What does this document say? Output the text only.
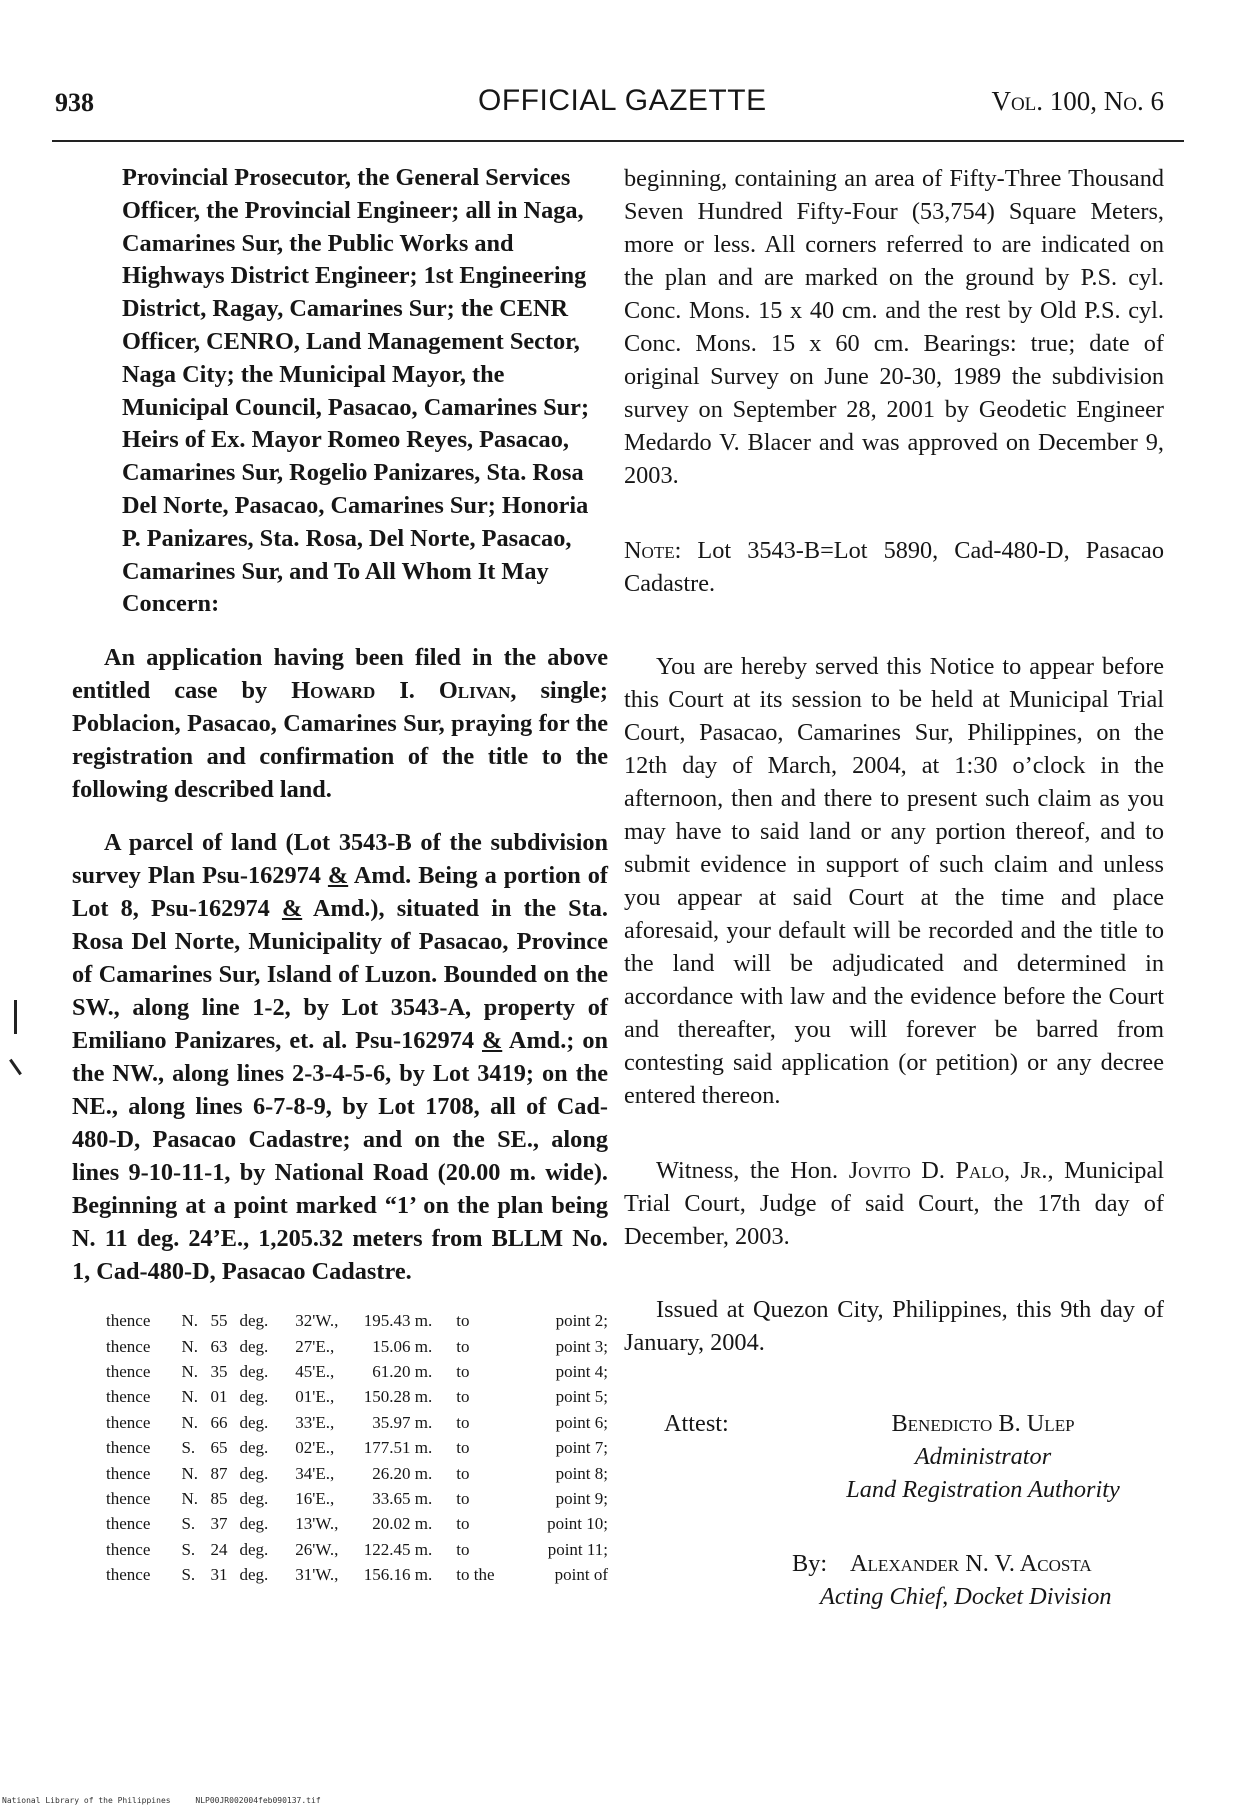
938	OFFICIAL GAZETTE	Vol. 100, No. 6

Provincial Prosecutor, the General Services Officer, the Provincial Engineer; all in Naga, Camarines Sur, the Public Works and Highways District Engineer; 1st Engineering District, Ragay, Camarines Sur; the CENR Officer, CENRO, Land Management Sector, Naga City; the Municipal Mayor, the Municipal Council, Pasacao, Camarines Sur; Heirs of Ex. Mayor Romeo Reyes, Pasacao, Camarines Sur, Rogelio Panizares, Sta. Rosa Del Norte, Pasacao, Camarines Sur; Honoria P. Panizares, Sta. Rosa, Del Norte, Pasacao, Camarines Sur, and To All Whom It May Concern:

An application having been filed in the above entitled case by Howard I. Olivan, single; Poblacion, Pasacao, Camarines Sur, praying for the registration and confirmation of the title to the following described land.

A parcel of land (Lot 3543-B of the subdivision survey Plan Psu-162974 & Amd. Being a portion of Lot 8, Psu-162974 & Amd.), situated in the Sta. Rosa Del Norte, Municipality of Pasacao, Province of Camarines Sur, Island of Luzon. Bounded on the SW., along line 1-2, by Lot 3543-A, property of Emiliano Panizares, et. al. Psu-162974 & Amd.; on the NW., along lines 2-3-4-5-6, by Lot 3419; on the NE., along lines 6-7-8-9, by Lot 1708, all of Cad-480-D, Pasacao Cadastre; and on the SE., along lines 9-10-11-1, by National Road (20.00 m. wide). Beginning at a point marked “1’ on the plan being N. 11 deg. 24’E., 1,205.32 meters from BLLM No. 1, Cad-480-D, Pasacao Cadastre.

thence	N.	55	deg.	32'W.,	195.43 m.	to	point 2;
thence	N.	63	deg.	27'E.,	15.06 m.	to	point 3;
thence	N.	35	deg.	45'E.,	61.20 m.	to	point 4;
thence	N.	01	deg.	01'E.,	150.28 m.	to	point 5;
thence	N.	66	deg.	33'E.,	35.97 m.	to	point 6;
thence	S.	65	deg.	02'E.,	177.51 m.	to	point 7;
thence	N.	87	deg.	34'E.,	26.20 m.	to	point 8;
thence	N.	85	deg.	16'E.,	33.65 m.	to	point 9;
thence	S.	37	deg.	13'W.,	20.02 m.	to	point 10;
thence	S.	24	deg.	26'W.,	122.45 m.	to	point 11;
thence	S.	31	deg.	31'W.,	156.16 m.	to the	point of

beginning, containing an area of Fifty-Three Thousand Seven Hundred Fifty-Four (53,754) Square Meters, more or less. All corners referred to are indicated on the plan and are marked on the ground by P.S. cyl. Conc. Mons. 15 x 40 cm. and the rest by Old P.S. cyl. Conc. Mons. 15 x 60 cm. Bearings: true; date of original Survey on June 20-30, 1989 the subdivision survey on September 28, 2001 by Geodetic Engineer Medardo V. Blacer and was approved on December 9, 2003.

Note: Lot 3543-B=Lot 5890, Cad-480-D, Pasacao Cadastre.

You are hereby served this Notice to appear before this Court at its session to be held at Municipal Trial Court, Pasacao, Camarines Sur, Philippines, on the 12th day of March, 2004, at 1:30 o’clock in the afternoon, then and there to present such claim as you may have to said land or any portion thereof, and to submit evidence in support of such claim and unless you appear at said Court at the time and place aforesaid, your default will be recorded and the title to the land will be adjudicated and determined in accordance with law and the evidence before the Court and thereafter, you will forever be barred from contesting said application (or petition) or any decree entered thereon.

Witness, the Hon. Jovito D. Palo, Jr., Municipal Trial Court, Judge of said Court, the 17th day of December, 2003.

Issued at Quezon City, Philippines, this 9th day of January, 2004.

Attest:	Benedicto B. Ulep
Administrator
Land Registration Authority
By: Alexander N. V. Acosta
Acting Chief, Docket Division
National Library of the Philippines	NLP00JR002004feb090137.tif
